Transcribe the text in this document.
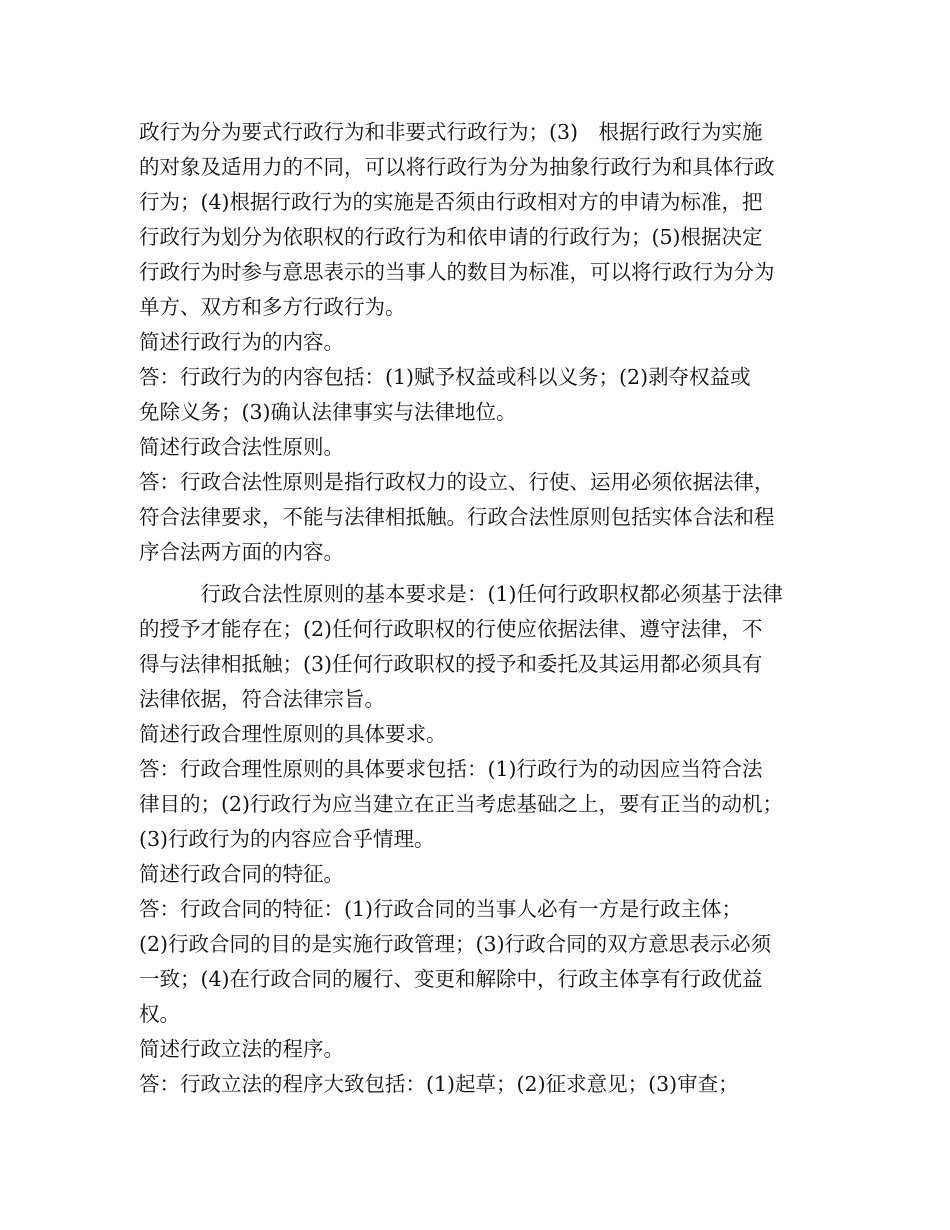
政行为分为要式行政行为和非要式行政行为；(3)　根据行政行为实施
的对象及适用力的不同，可以将行政行为分为抽象行政行为和具体行政
行为；(4)根据行政行为的实施是否须由行政相对方的申请为标准，把
行政行为划分为依职权的行政行为和依申请的行政行为；(5)根据决定
行政行为时参与意思表示的当事人的数目为标准，可以将行政行为分为
单方、双方和多方行政行为。
简述行政行为的内容。
答：行政行为的内容包括：(1)赋予权益或科以义务；(2)剥夺权益或
免除义务；(3)确认法律事实与法律地位。
简述行政合法性原则。
答：行政合法性原则是指行政权力的设立、行使、运用必须依据法律，
符合法律要求，不能与法律相抵触。行政合法性原则包括实体合法和程
序合法两方面的内容。
　　　行政合法性原则的基本要求是：(1)任何行政职权都必须基于法律
的授予才能存在；(2)任何行政职权的行使应依据法律、遵守法律，不
得与法律相抵触；(3)任何行政职权的授予和委托及其运用都必须具有
法律依据，符合法律宗旨。
简述行政合理性原则的具体要求。
答：行政合理性原则的具体要求包括：(1)行政行为的动因应当符合法
律目的；(2)行政行为应当建立在正当考虑基础之上，要有正当的动机；
(3)行政行为的内容应合乎情理。
简述行政合同的特征。
答：行政合同的特征：(1)行政合同的当事人必有一方是行政主体；
(2)行政合同的目的是实施行政管理；(3)行政合同的双方意思表示必须
一致；(4)在行政合同的履行、变更和解除中，行政主体享有行政优益
权。
简述行政立法的程序。
答：行政立法的程序大致包括：(1)起草；(2)征求意见；(3)审查；
